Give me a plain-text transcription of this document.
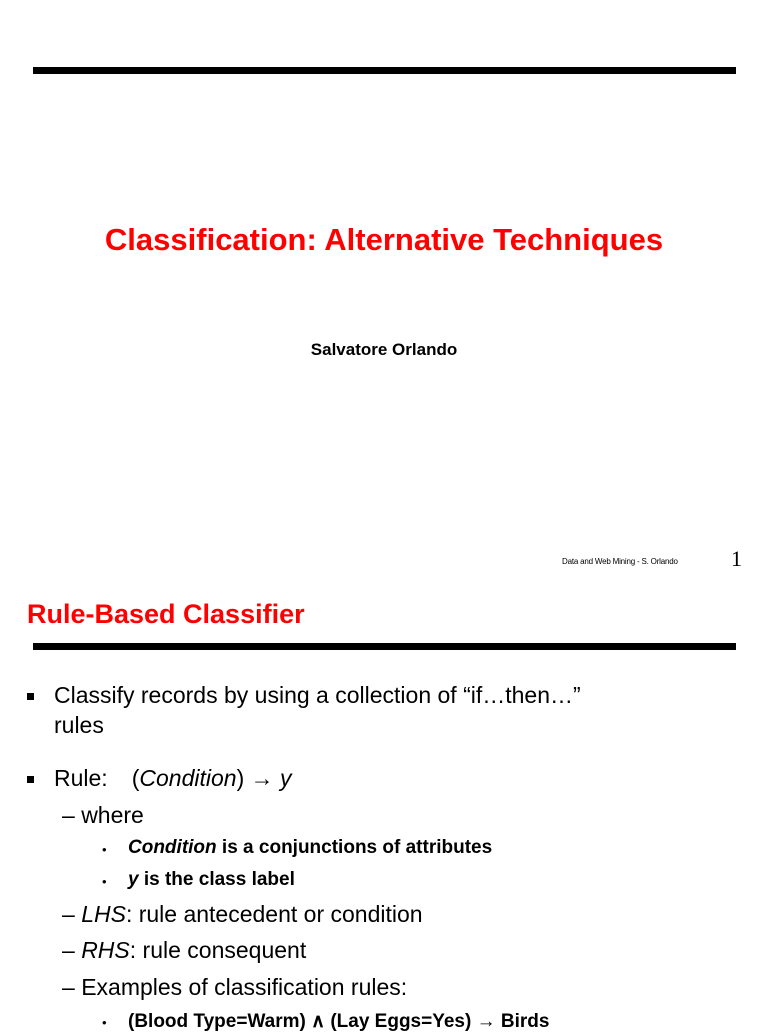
Classification: Alternative Techniques
Salvatore Orlando
Data and Web Mining - S. Orlando 1
Rule-Based Classifier
Classify records by using a collection of “if…then…”
rules
Rule: (Condition) → y
– where
• Condition is a conjunctions of attributes
• y is the class label
– LHS: rule antecedent or condition
– RHS: rule consequent
– Examples of classification rules:
• (Blood Type=Warm) ∧ (Lay Eggs=Yes) → Birds
